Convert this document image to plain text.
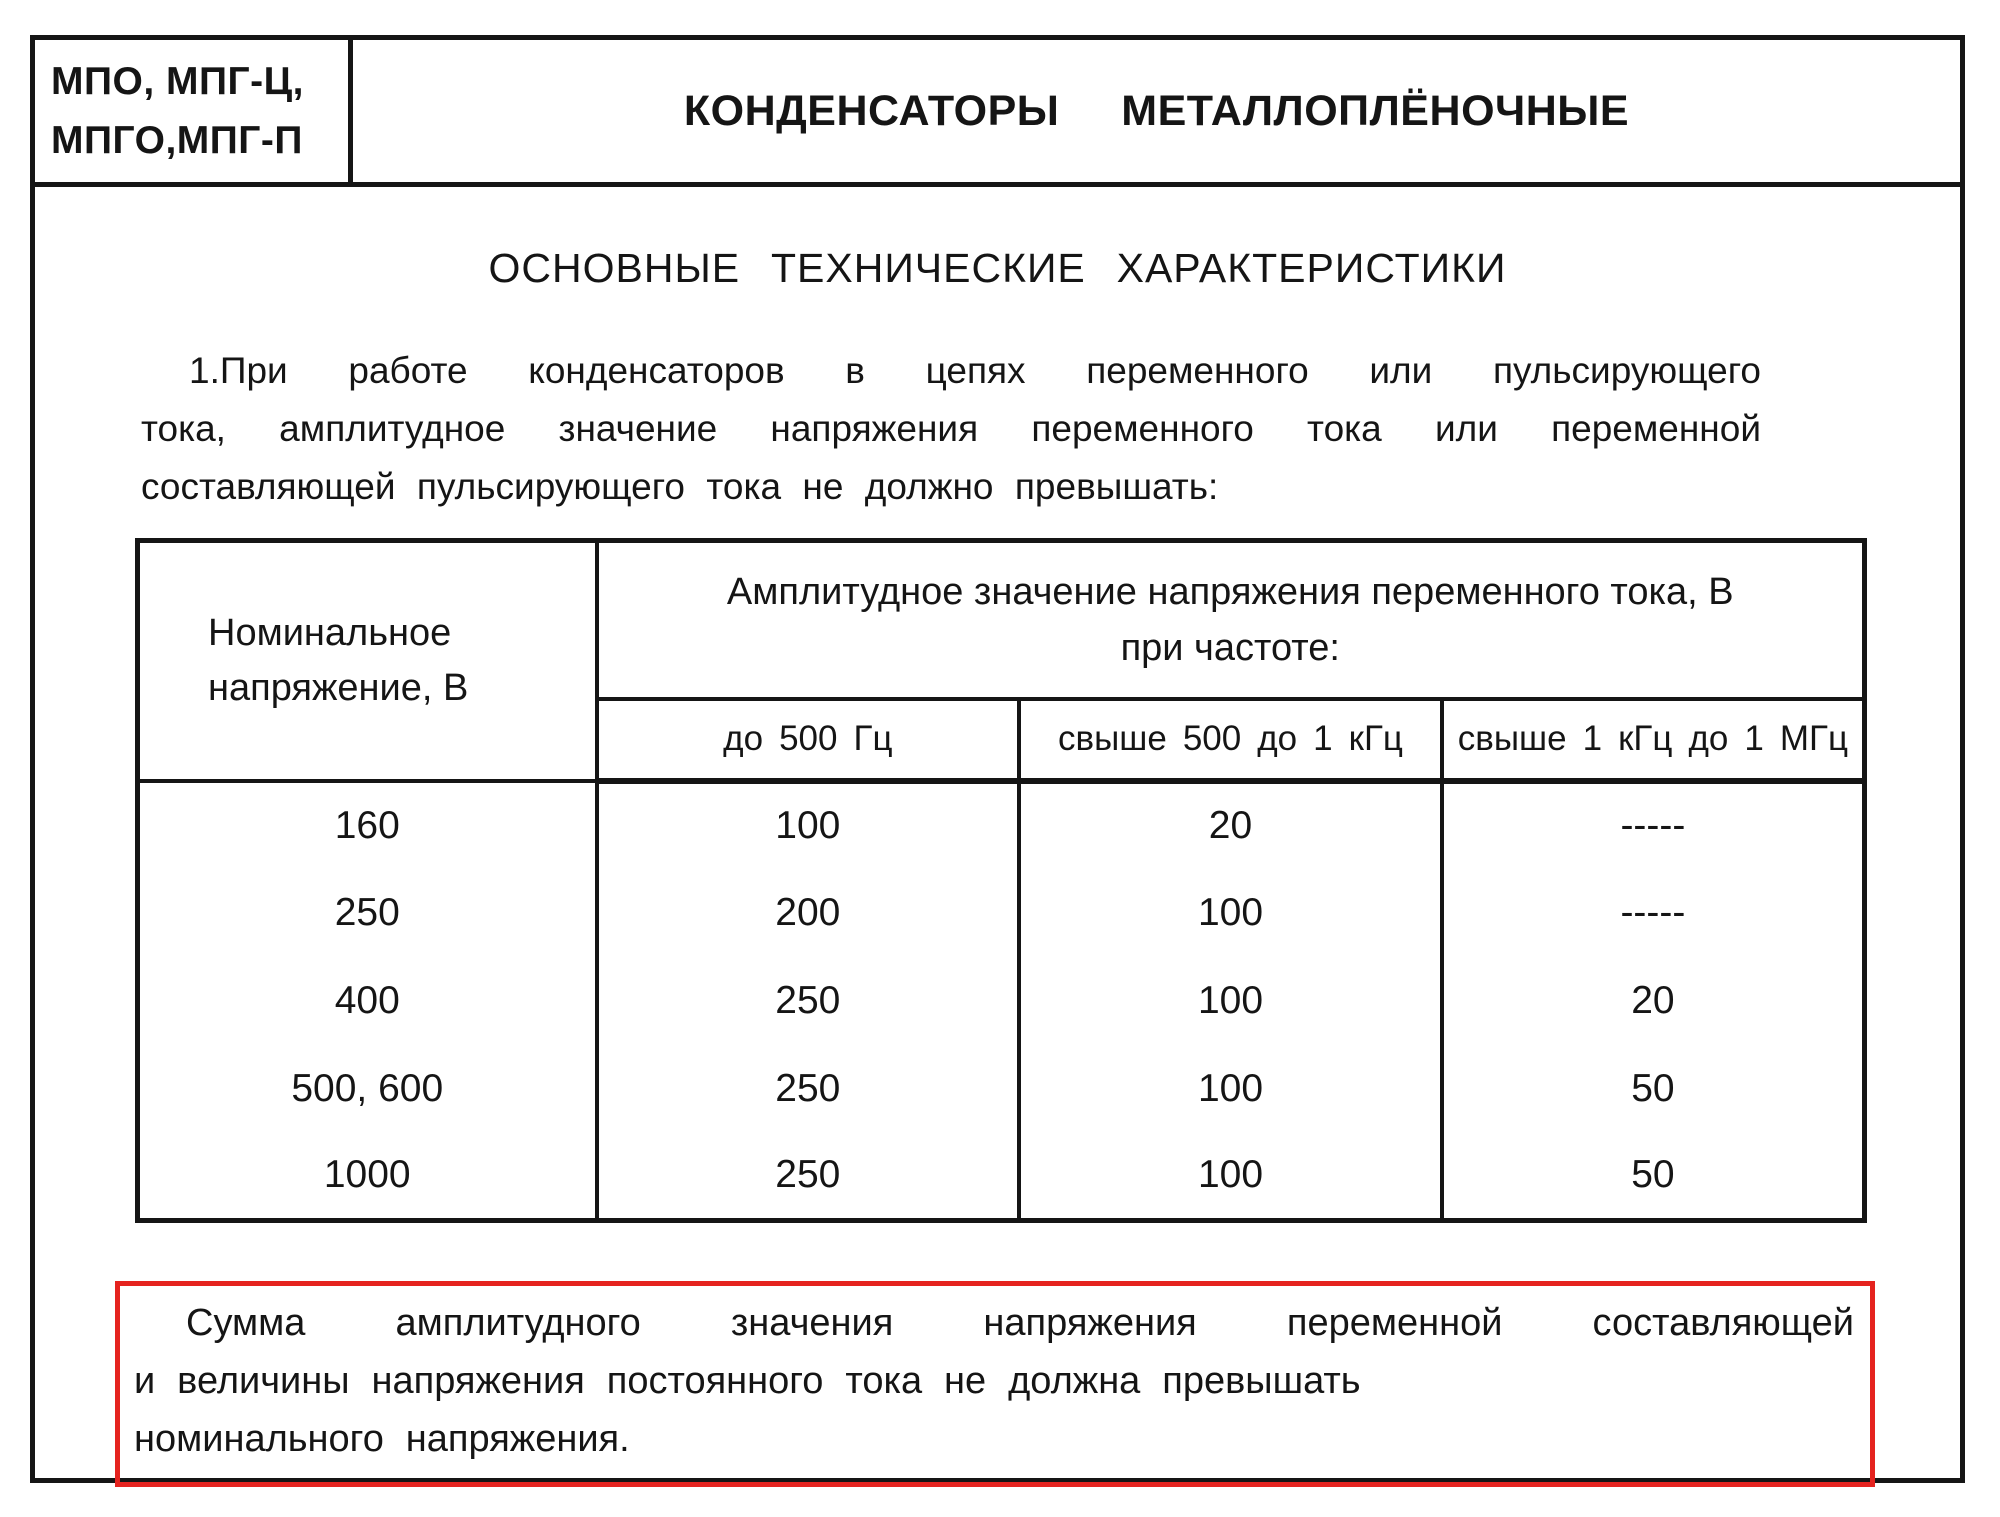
МПО, МПГ-Ц,
МПГО,МПГ-П
КОНДЕНСАТОРЫ МЕТАЛЛОПЛЁНОЧНЫЕ
ОСНОВНЫЕ ТЕХНИЧЕСКИЕ ХАРАКТЕРИСТИКИ
1.При работе конденсаторов в цепях переменного или пульсирующего
тока, амплитудное значение напряжения переменного тока или переменной
составляющей пульсирующего тока не должно превышать:
Номинальное
напряжение, В

Амплитудное значение напряжения переменного тока, В
при частоте:

	до 500 Гц	свыше 500 до 1 кГц	свыше 1 кГц до 1 МГц
160	100	20	-----
250	200	100	-----
400	250	100	20
500, 600	250	100	50
1000	250	100	50
Сумма амплитудного значения напряжения переменной составляющей
и величины напряжения постоянного тока не должна превышать
номинального напряжения.
